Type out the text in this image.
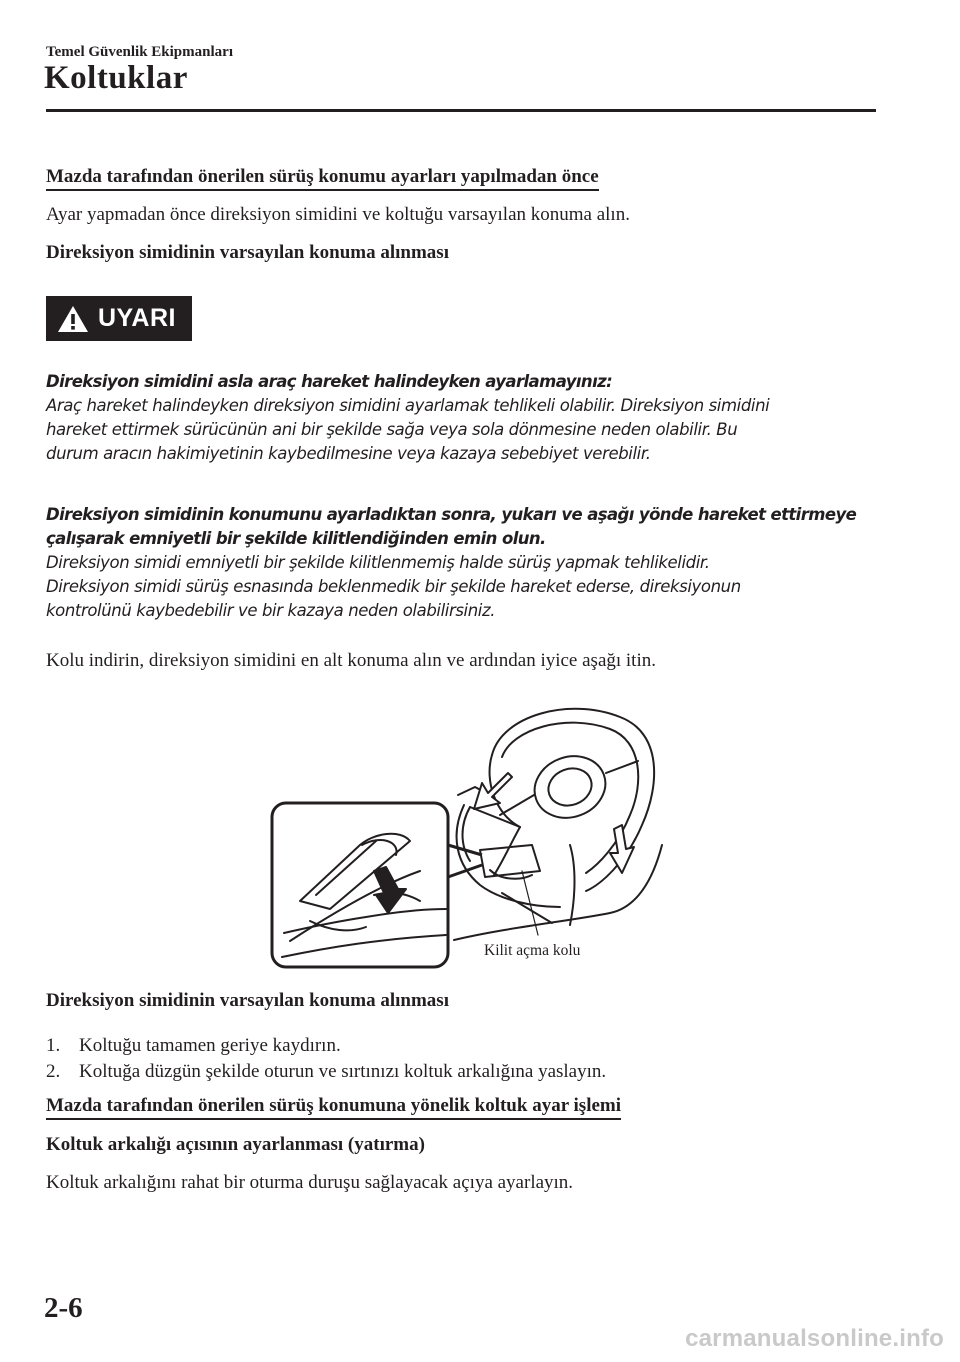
Temel Güvenlik Ekipmanları
Koltuklar
Mazda tarafından önerilen sürüş konumu ayarları yapılmadan önce
Ayar yapmadan önce direksiyon simidini ve koltuğu varsayılan konuma alın.
Direksiyon simidinin varsayılan konuma alınması
UYARI
Direksiyon simidini asla araç hareket halindeyken ayarlamayınız:
Araç hareket halindeyken direksiyon simidini ayarlamak tehlikeli olabilir. Direksiyon simidini
hareket ettirmek sürücünün ani bir şekilde sağa veya sola dönmesine neden olabilir. Bu
durum aracın hakimiyetinin kaybedilmesine veya kazaya sebebiyet verebilir.
Direksiyon simidinin konumunu ayarladıktan sonra, yukarı ve aşağı yönde hareket ettirmeye
çalışarak emniyetli bir şekilde kilitlendiğinden emin olun.
Direksiyon simidi emniyetli bir şekilde kilitlenmemiş halde sürüş yapmak tehlikelidir.
Direksiyon simidi sürüş esnasında beklenmedik bir şekilde hareket ederse, direksiyonun
kontrolünü kaybedebilir ve bir kazaya neden olabilirsiniz.
Kolu indirin, direksiyon simidini en alt konuma alın ve ardından iyice aşağı itin.
Kilit açma kolu
Direksiyon simidinin varsayılan konuma alınması
1. Koltuğu tamamen geriye kaydırın.
2. Koltuğa düzgün şekilde oturun ve sırtınızı koltuk arkalığına yaslayın.
Mazda tarafından önerilen sürüş konumuna yönelik koltuk ayar işlemi
Koltuk arkalığı açısının ayarlanması (yatırma)
Koltuk arkalığını rahat bir oturma duruşu sağlayacak açıya ayarlayın.
2-6
carmanualsonline.info
